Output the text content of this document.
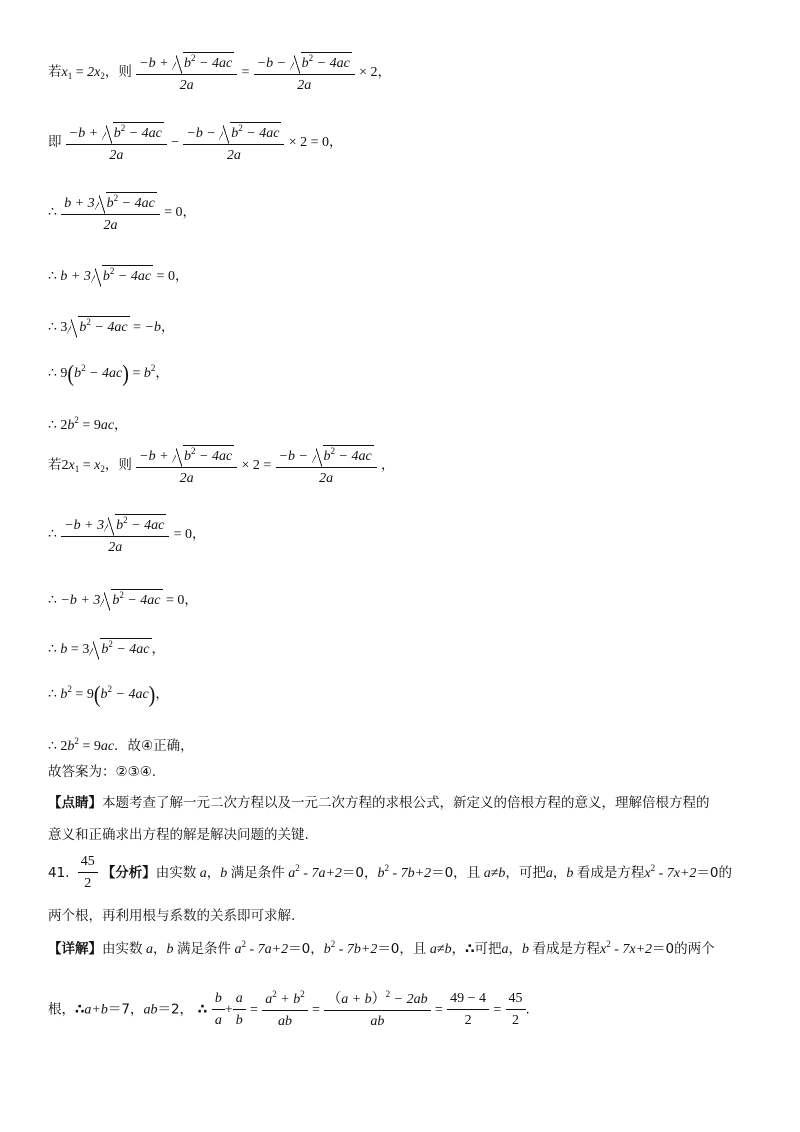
若$x_1 = 2x_2$，则 $\frac{-b + b^2 - 4ac}{2a} = \frac{-b - b^2 - 4ac}{2a} \times 2$，
即 $\frac{-b + b^2 - 4ac}{2a} - \frac{-b - b^2 - 4ac}{2a} \times 2 = 0$，
∴ $\frac{b + 3 b^2 - 4ac}{2a} = 0$，
∴ b + 3 $b^2 - 4ac = 0$，
∴ 3 $b^2 - 4ac = -b$，
∴ $9(b^2 - 4ac) = b^2$，
∴ $2b^2 = 9ac$，
若$2x_1 = x_2$，则 $\frac{-b + b^2 - 4ac}{2a} \times 2 = \frac{-b - b^2 - 4ac}{2a}$ ，
∴ $\frac{-b + 3 b^2 - 4ac}{2a} = 0$，
∴ −b + 3 $b^2 - 4ac = 0$，
∴ b = 3 $b^2 - 4ac$ ，
∴ $b^2 = 9(b^2 - 4ac)$，
∴ $2b^2 = 9ac$．故④正确，
故答案为：②③④.
【点睛】本题考查了解一元二次方程以及一元二次方程的求根公式，新定义的倍根方程的意义，理解倍根方程的
意义和正确求出方程的解是解决问题的关键.
41. $\frac{45}{2}$ 【分析】由实数 a，b 满足条件 $a^2 - 7a+2=0$，$b^2 - 7b+2=0$，且 a≠b，可把a，b 看成是方程$x^2 - 7x+2=0$的
两个根，再利用根与系数的关系即可求解.
【详解】由实数 a，b 满足条件 $a^2 - 7a+2=0$，$b^2 - 7b+2=0$，且 a≠b，∴可把a，b 看成是方程$x^2 - 7x+2=0$的两个
根，∴a+b＝7，ab＝2， ∴ $\frac{b}{a} + \frac{a}{b} = \frac{a^2 + b^2}{ab} = \frac{(a + b)^2 - 2ab}{ab} = \frac{49 - 4}{2} = \frac{45}{2}$ .
